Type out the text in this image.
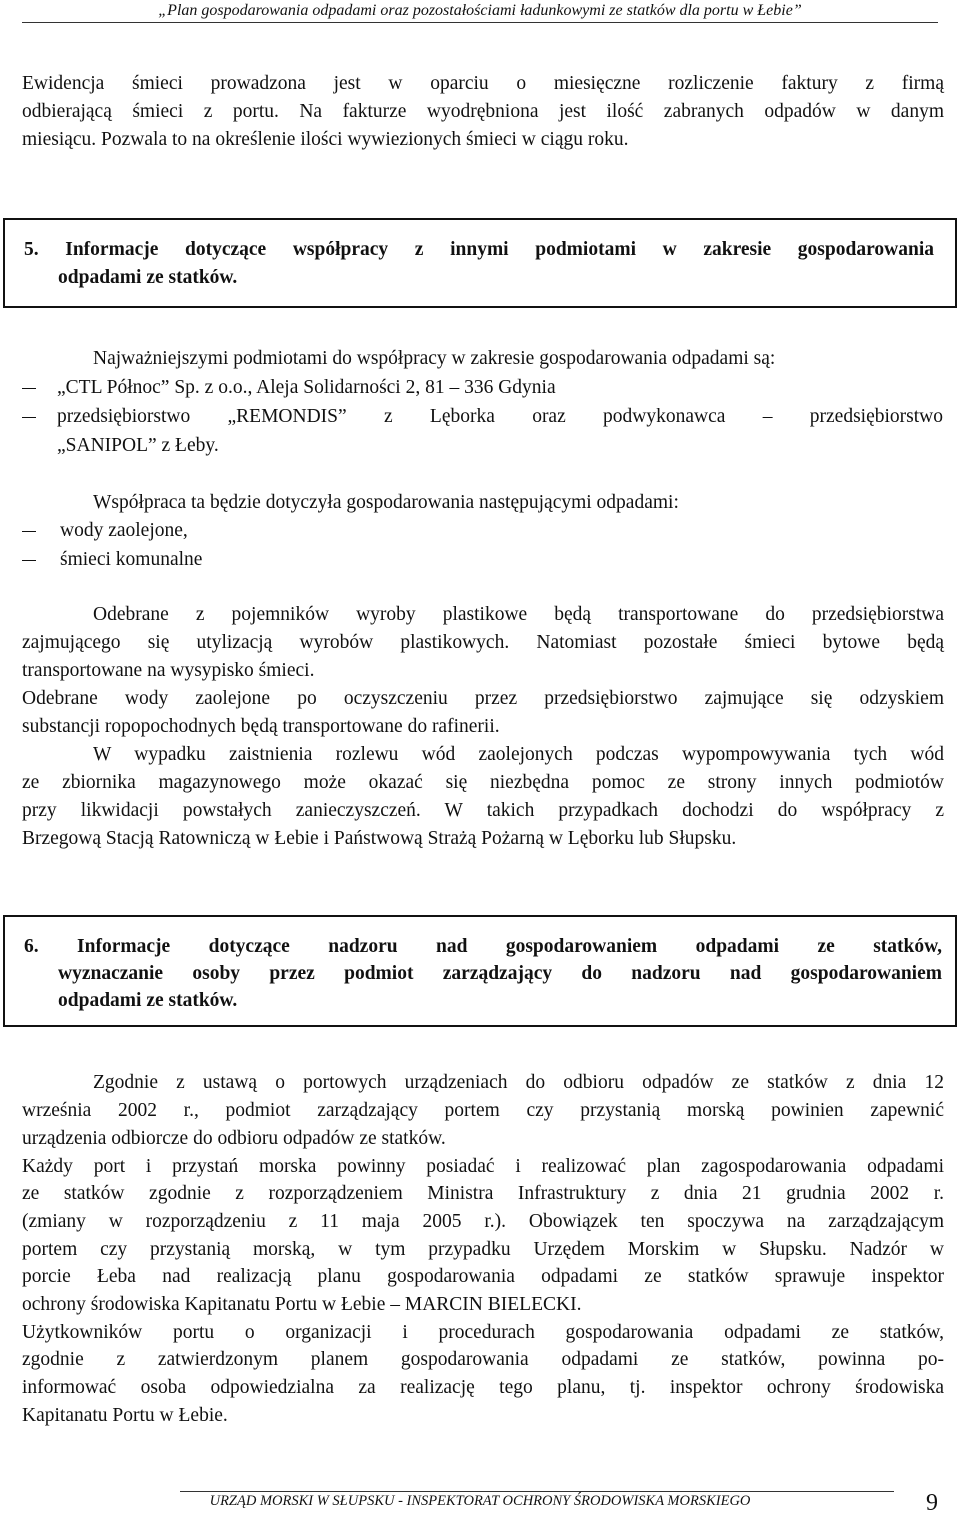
„Plan gospodarowania odpadami oraz pozostałościami ładunkowymi ze statków dla portu w Łebie”
Ewidencja śmieci prowadzona jest w oparciu o miesięczne rozliczenie faktury z firmą
odbierającą śmieci z portu. Na fakturze wyodrębniona jest ilość zabranych odpadów w danym
miesiącu. Pozwala to na określenie ilości wywiezionych śmieci w ciągu roku.
5. Informacje dotyczące współpracy z innymi podmiotami w zakresie gospodarowania
odpadami ze statków.
Najważniejszymi podmiotami do współpracy w zakresie gospodarowania odpadami są:
„CTL Północ” Sp. z o.o., Aleja Solidarności 2, 81 – 336 Gdynia
przedsiębiorstwo „REMONDIS” z Lęborka oraz podwykonawca – przedsiębiorstwo
„SANIPOL” z Łeby.
Współpraca ta będzie dotyczyła gospodarowania następującymi odpadami:
wody zaolejone,
śmieci komunalne
Odebrane z pojemników wyroby plastikowe będą transportowane do przedsiębiorstwa
zajmującego się utylizacją wyrobów plastikowych. Natomiast pozostałe śmieci bytowe będą
transportowane na wysypisko śmieci.
Odebrane wody zaolejone po oczyszczeniu przez przedsiębiorstwo zajmujące się odzyskiem
substancji ropopochodnych będą transportowane do rafinerii.
W wypadku zaistnienia rozlewu wód zaolejonych podczas wypompowywania tych wód
ze zbiornika magazynowego może okazać się niezbędna pomoc ze strony innych podmiotów
przy likwidacji powstałych zanieczyszczeń. W takich przypadkach dochodzi do współpracy z
Brzegową Stacją Ratowniczą w Łebie i Państwową Strażą Pożarną w Lęborku lub Słupsku.
6. Informacje dotyczące nadzoru nad gospodarowaniem odpadami ze statków,
wyznaczanie osoby przez podmiot zarządzający do nadzoru nad gospodarowaniem
odpadami ze statków.
Zgodnie z ustawą o portowych urządzeniach do odbioru odpadów ze statków z dnia 12
września 2002 r., podmiot zarządzający portem czy przystanią morską powinien zapewnić
urządzenia odbiorcze do odbioru odpadów ze statków.
Każdy port i przystań morska powinny posiadać i realizować plan zagospodarowania odpadami
ze statków zgodnie z rozporządzeniem Ministra Infrastruktury z dnia 21 grudnia 2002 r.
(zmiany w rozporządzeniu z 11 maja 2005 r.). Obowiązek ten spoczywa na zarządzającym
portem czy przystanią morską, w tym przypadku Urzędem Morskim w Słupsku. Nadzór w
porcie Łeba nad realizacją planu gospodarowania odpadami ze statków sprawuje inspektor
ochrony środowiska Kapitanatu Portu w Łebie – MARCIN BIELECKI.
Użytkowników portu o organizacji i procedurach gospodarowania odpadami ze statków,
zgodnie z zatwierdzonym planem gospodarowania odpadami ze statków, powinna po-
informować osoba odpowiedzialna za realizację tego planu, tj. inspektor ochrony środowiska
Kapitanatu Portu w Łebie.
URZĄD MORSKI W SŁUPSKU - INSPEKTORAT OCHRONY ŚRODOWISKA MORSKIEGO	9
